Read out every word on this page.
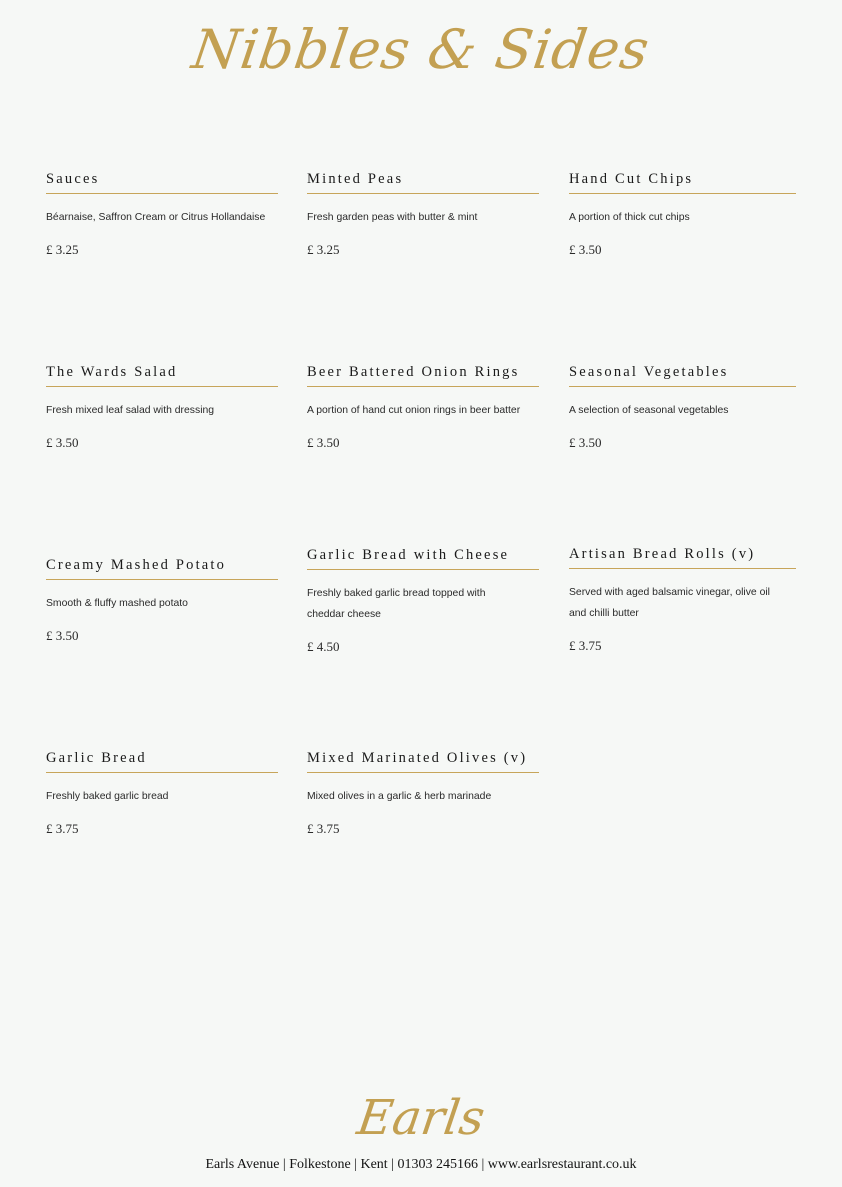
Nibbles & Sides
Sauces
Béarnaise, Saffron Cream or Citrus Hollandaise
£ 3.25
Minted Peas
Fresh garden peas with butter & mint
£ 3.25
Hand Cut Chips
A portion of thick cut chips
£ 3.50
The Wards Salad
Fresh mixed leaf salad with dressing
£ 3.50
Beer Battered Onion Rings
A portion of hand cut onion rings in beer batter
£ 3.50
Seasonal Vegetables
A selection of seasonal vegetables
£ 3.50
Creamy Mashed Potato
Smooth & fluffy mashed potato
£ 3.50
Garlic Bread with Cheese
Freshly baked garlic bread topped with
cheddar cheese
£ 4.50
Artisan Bread Rolls (v)
Served with aged balsamic vinegar, olive oil
and chilli butter
£ 3.75
Garlic Bread
Freshly baked garlic bread
£ 3.75
Mixed Marinated Olives (v)
Mixed olives in a garlic & herb marinade
£ 3.75
Earls
Earls Avenue | Folkestone | Kent | 01303 245166 | www.earlsrestaurant.co.uk
